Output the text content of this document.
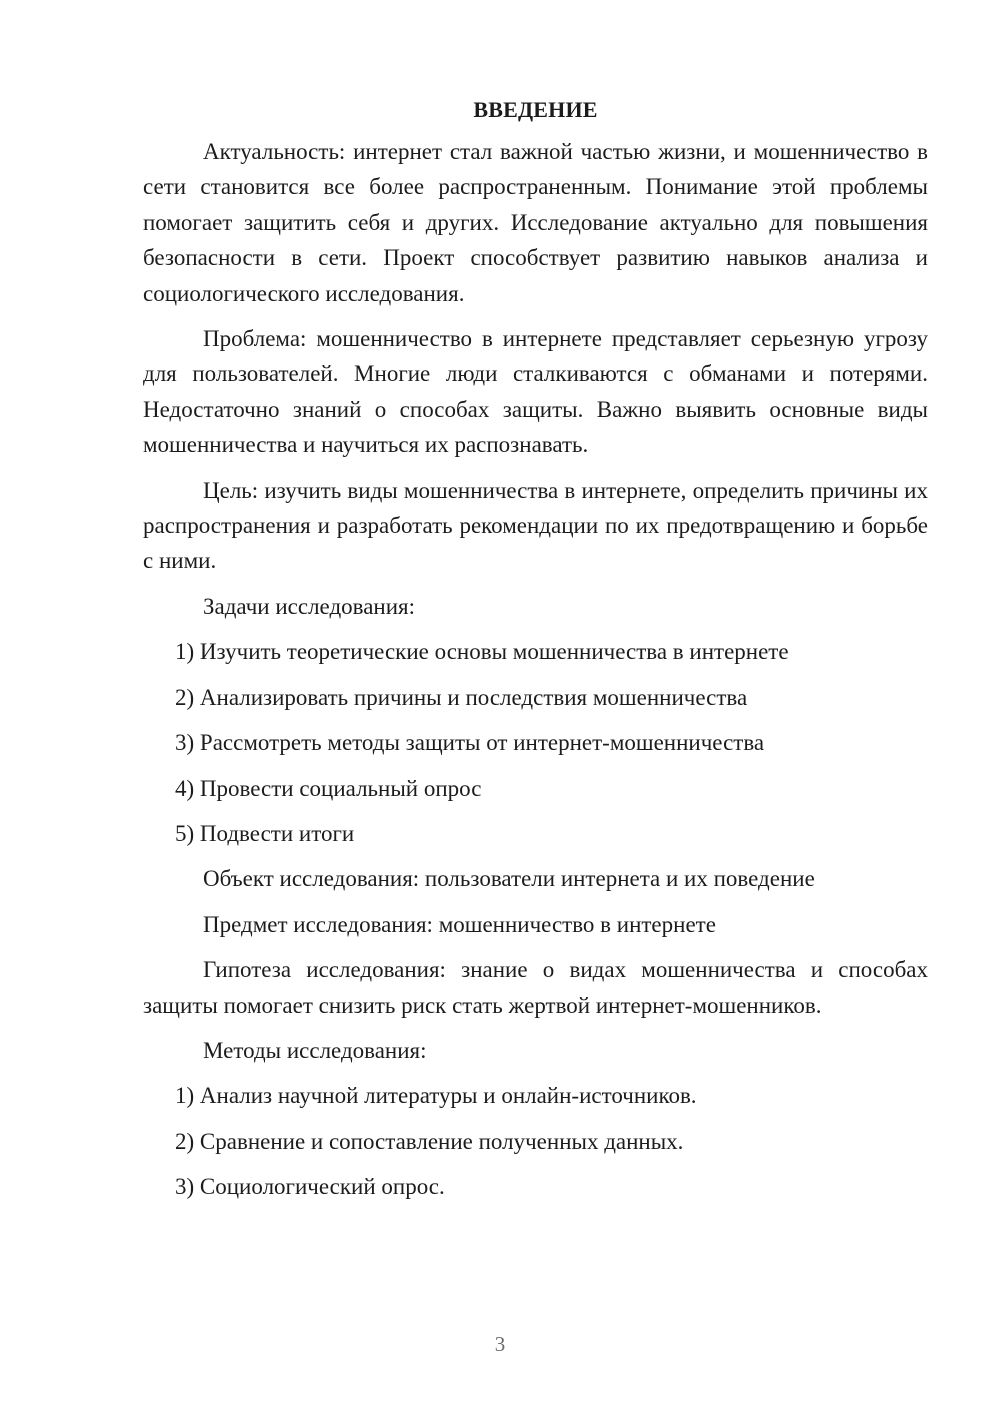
ВВЕДЕНИЕ
Актуальность: интернет стал важной частью жизни, и мошенничество в сети становится все более распространенным. Понимание этой проблемы помогает защитить себя и других. Исследование актуально для повышения безопасности в сети. Проект способствует развитию навыков анализа и социологического исследования.
Проблема: мошенничество в интернете представляет серьезную угрозу для пользователей. Многие люди сталкиваются с обманами и потерями. Недостаточно знаний о способах защиты. Важно выявить основные виды мошенничества и научиться их распознавать.
Цель: изучить виды мошенничества в интернете, определить причины их распространения и разработать рекомендации по их предотвращению и борьбе с ними.
Задачи исследования:
1) Изучить теоретические основы мошенничества в интернете
2) Анализировать причины и последствия мошенничества
3) Рассмотреть методы защиты от интернет-мошенничества
4) Провести социальный опрос
5) Подвести итоги
Объект исследования: пользователи интернета и их поведение
Предмет исследования: мошенничество в интернете
Гипотеза исследования: знание о видах мошенничества и способах защиты помогает снизить риск стать жертвой интернет-мошенников.
Методы исследования:
1) Анализ научной литературы и онлайн-источников.
2) Сравнение и сопоставление полученных данных.
3) Социологический опрос.
3
